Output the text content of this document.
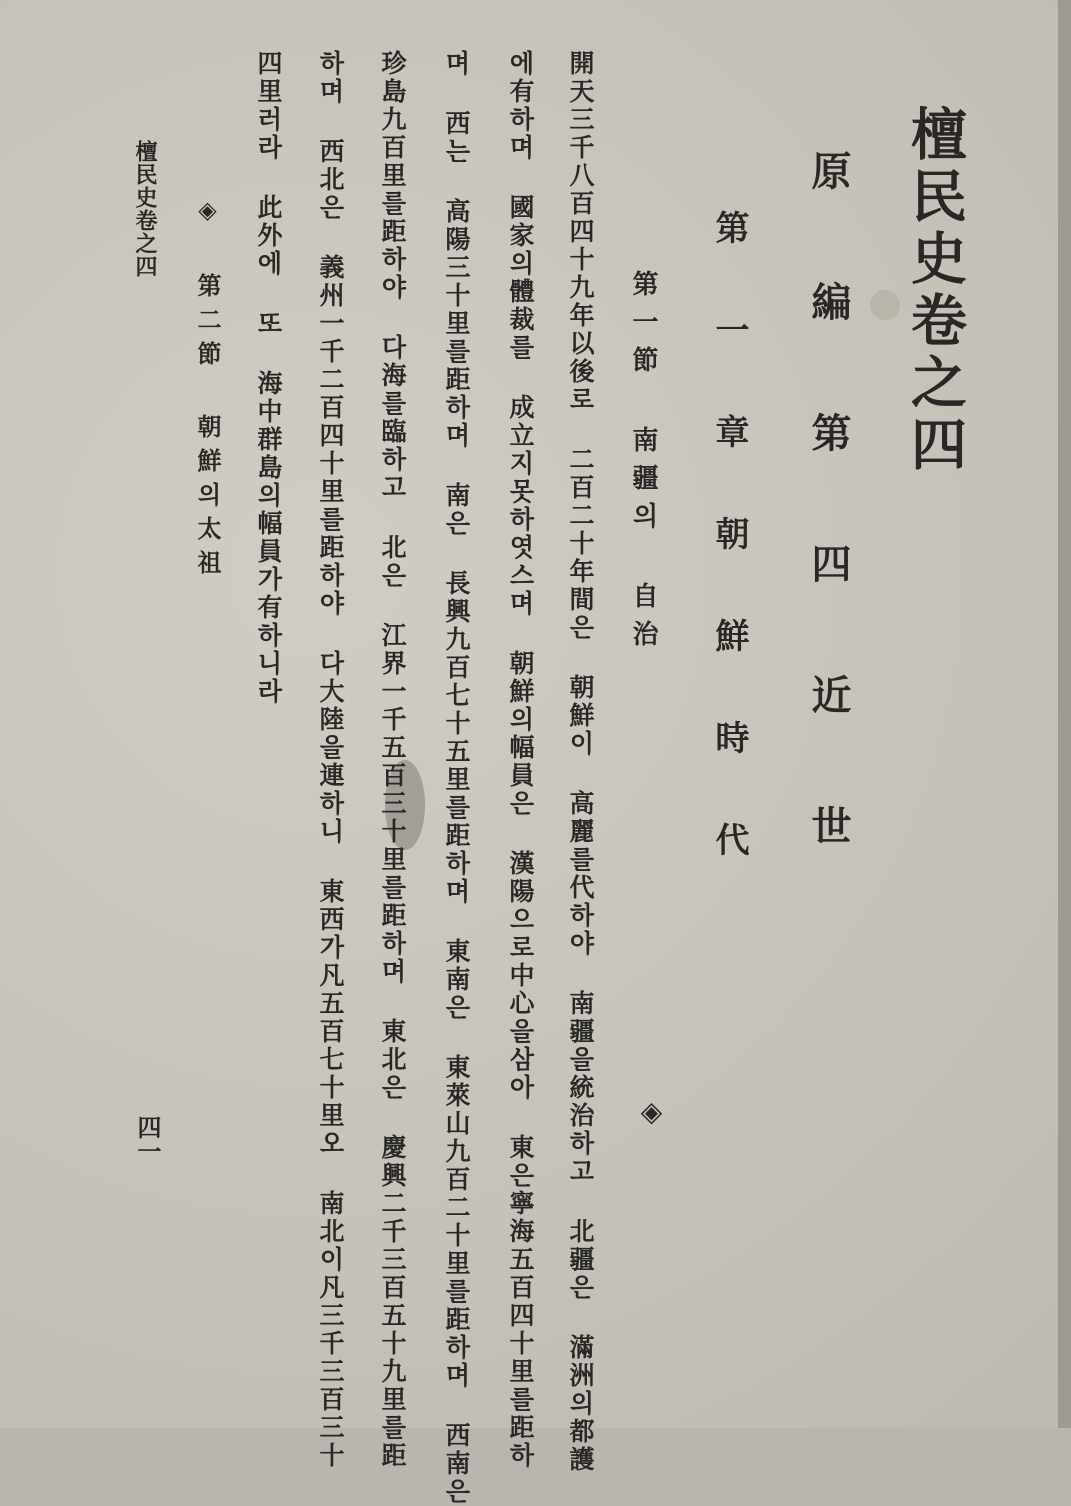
檀民史卷之四
原 編 第 四 近 世
第 一 章 朝 鮮 時 代
第一節 南疆의 自治
◈
開天三千八百四十九年以後로 二百二十年間은 朝鮮이 高麗를代하야 南疆을統治하고 北疆은 滿洲의都護
에有하며 國家의體裁를 成立지못하엿스며 朝鮮의幅員은 漢陽으로中心을삼아 東은寧海五百四十里를距하
며 西는 高陽三十里를距하며 南은 長興九百七十五里를距하며 東南은 東萊山九百二十里를距하며 西南은
珍島九百里를距하야 다海를臨하고 北은 江界一千五百三十里를距하며 東北은 慶興二千三百五十九里를距
하며 西北은 義州一千二百四十里를距하야 다大陸을連하니 東西가凡五百七十里오 南北이凡三千三百三十
四里러라 此外에 또 海中群島의幅員가有하니라
◈ 第二節 朝鮮의太祖
檀民史卷之四
四一
